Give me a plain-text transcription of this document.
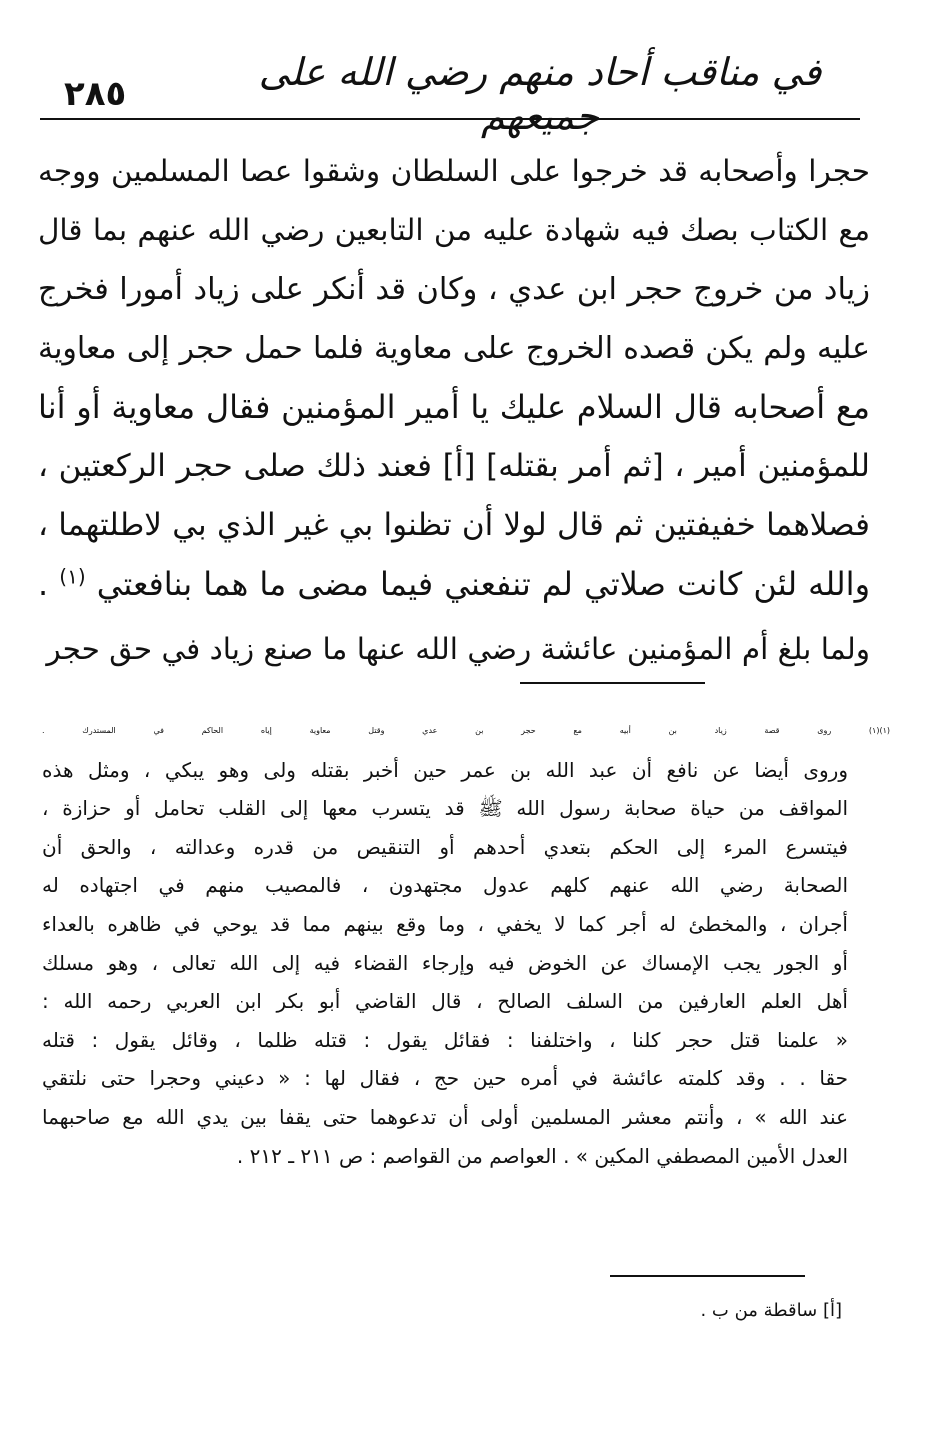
في مناقب أحاد منهم رضي الله على جميعهم
٢٨٥
حجرا وأصحابه قد خرجوا على السلطان وشقوا عصا المسلمين ووجه
مع الكتاب بصك فيه شهادة عليه من التابعين رضي الله عنهم بما قال
زياد من خروج حجر ابن عدي ، وكان قد أنكر على زياد أمورا فخرج
عليه ولم يكن قصده الخروج على معاوية فلما حمل حجر إلى معاوية
مع أصحابه قال السلام عليك يا أمير المؤمنين فقال معاوية أو أنا
للمؤمنين أمير ، [ثم أمر بقتله] [أ] فعند ذلك صلى حجر الركعتين ،
فصلاهما خفيفتين ثم قال لولا أن تظنوا بي غير الذي بي لاطلتهما ،
والله لئن كانت صلاتي لم تنفعني فيما مضى ما هما بنافعتي $^{(١)}$ .
ولما بلغ أم المؤمنين عائشة رضي الله عنها ما صنع زياد في حق حجر
(١)(١) روى قصة زياد بن أبيه مع حجر بن عدي وقتل معاوية إياه الحاكم في المستدرك .
وروى أيضا عن نافع أن عبد الله بن عمر حين أخبر بقتله ولى وهو يبكي ، ومثل هذه
المواقف من حياة صحابة رسول الله ﷺ قد يتسرب معها إلى القلب تحامل أو حزازة ،
فيتسرع المرء إلى الحكم بتعدي أحدهم أو التنقيص من قدره وعدالته ، والحق أن
الصحابة رضي الله عنهم كلهم عدول مجتهدون ، فالمصيب منهم في اجتهاده له
أجران ، والمخطئ له أجر كما لا يخفي ، وما وقع بينهم مما قد يوحي في ظاهره بالعداء
أو الجور يجب الإمساك عن الخوض فيه وإرجاء القضاء فيه إلى الله تعالى ، وهو مسلك
أهل العلم العارفين من السلف الصالح ، قال القاضي أبو بكر ابن العربي رحمه الله :
« علمنا قتل حجر كلنا ، واختلفنا : فقائل يقول : قتله ظلما ، وقائل يقول : قتله
حقا . . وقد كلمته عائشة في أمره حين حج ، فقال لها : « دعيني وحجرا حتى نلتقي
عند الله » ، وأنتم معشر المسلمين أولى أن تدعوهما حتى يقفا بين يدي الله مع صاحبهما
العدل الأمين المصطفي المكين » . العواصم من القواصم : ص ٢١١ ـ ٢١٢ .
[أ] ساقطة من ب .
